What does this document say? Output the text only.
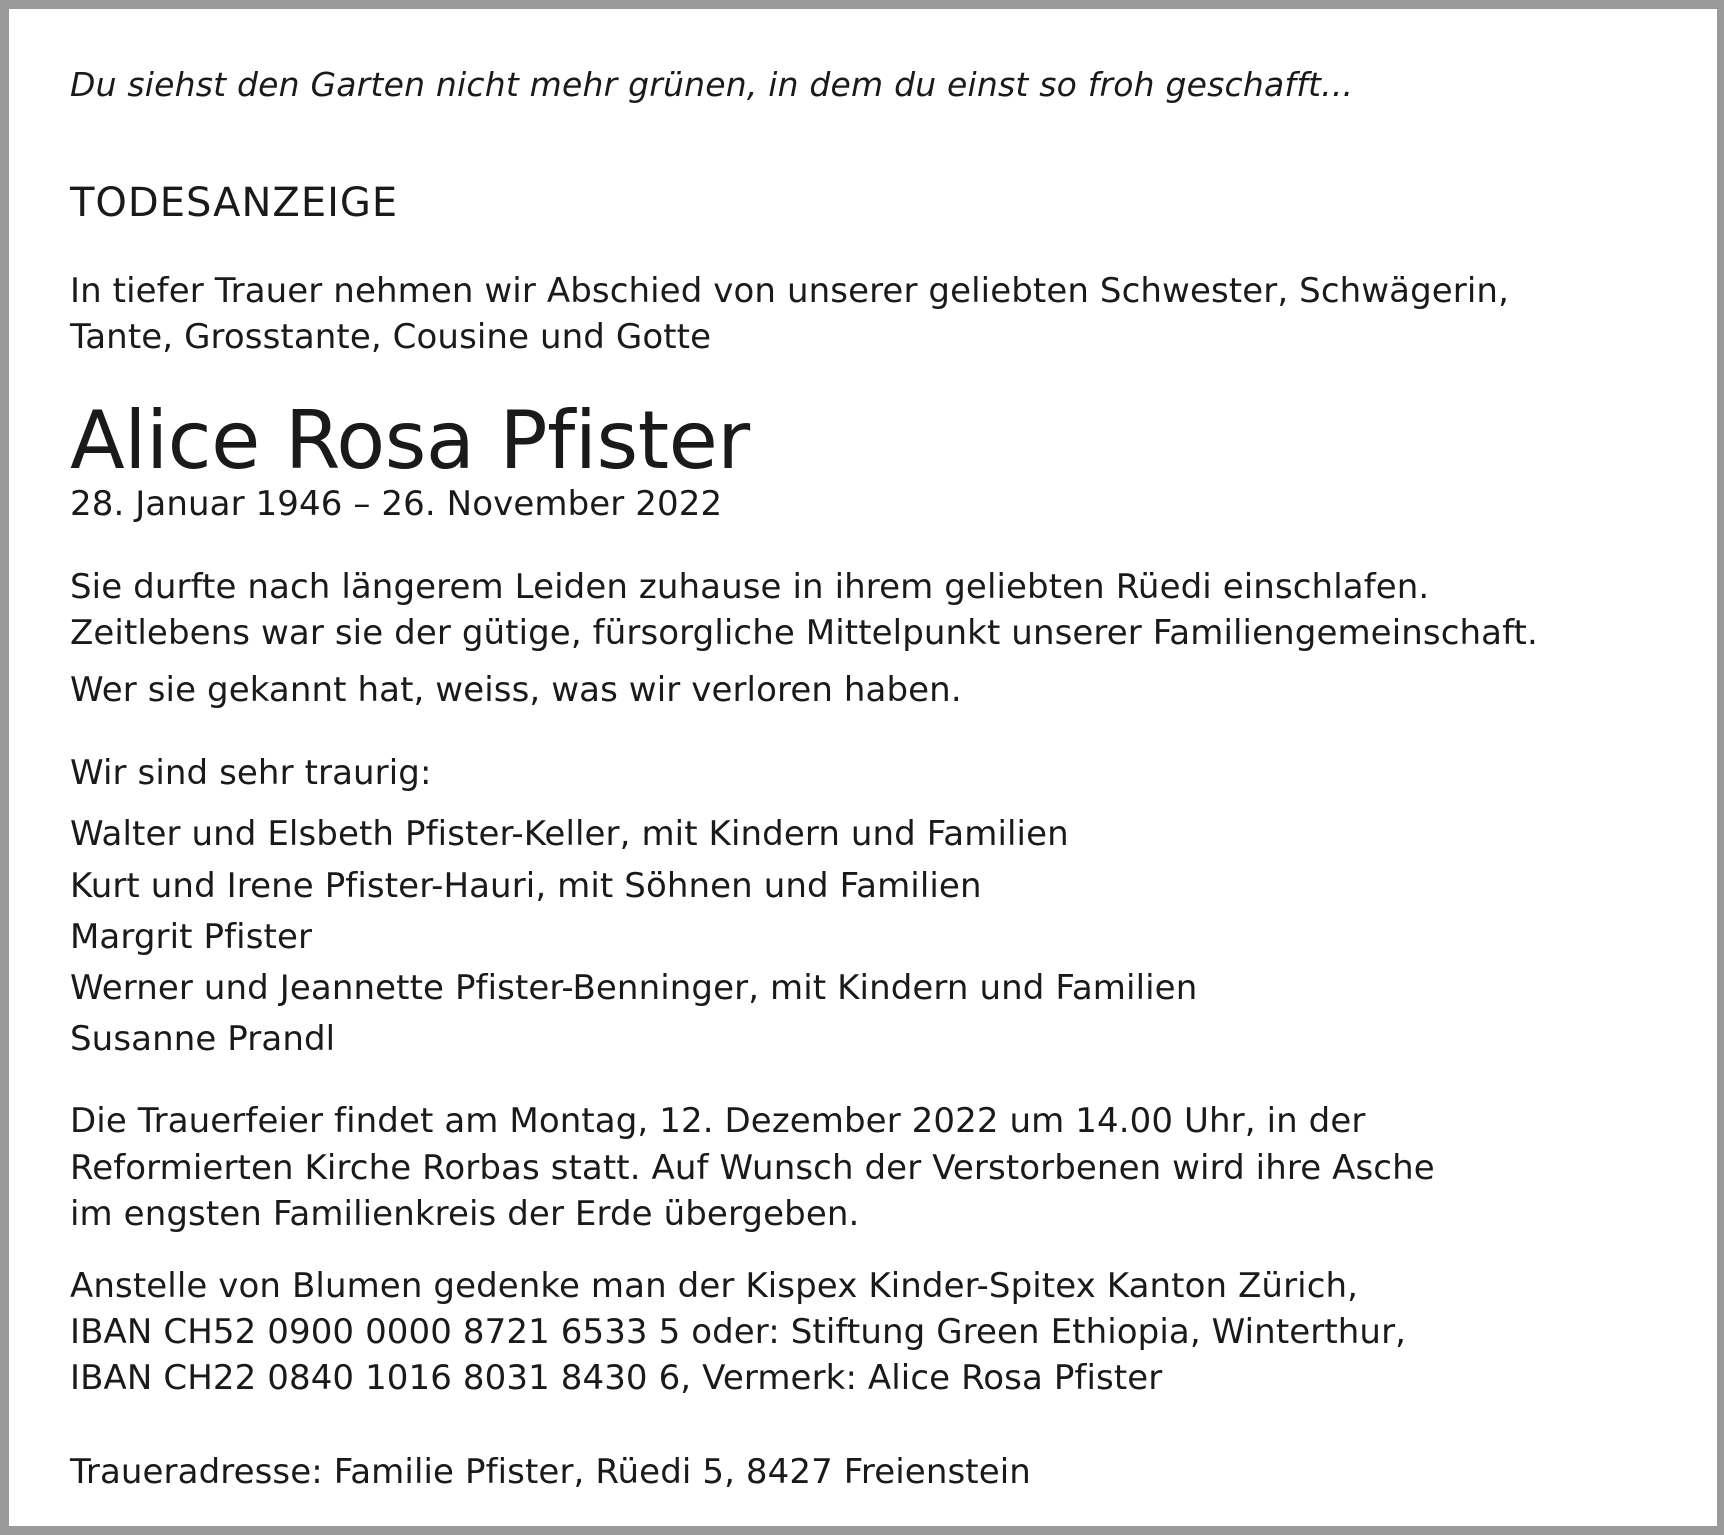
Du siehst den Garten nicht mehr grünen, in dem du einst so froh geschafft...

TODESANZEIGE

In tiefer Trauer nehmen wir Abschied von unserer geliebten Schwester, Schwägerin,

Tante, Grosstante, Cousine und Gotte

Alice Rosa Pfister

28. Januar 1946 – 26. November 2022

Sie durfte nach längerem Leiden zuhause in ihrem geliebten Rüedi einschlafen.

Zeitlebens war sie der gütige, fürsorgliche Mittelpunkt unserer Familiengemeinschaft.

Wer sie gekannt hat, weiss, was wir verloren haben.

Wir sind sehr traurig:

Walter und Elsbeth Pfister-Keller, mit Kindern und Familien

Kurt und Irene Pfister-Hauri, mit Söhnen und Familien

Margrit Pfister

Werner und Jeannette Pfister-Benninger, mit Kindern und Familien

Susanne Prandl

Die Trauerfeier findet am Montag, 12. Dezember 2022 um 14.00 Uhr, in der

Reformierten Kirche Rorbas statt. Auf Wunsch der Verstorbenen wird ihre Asche

im engsten Familienkreis der Erde übergeben.

Anstelle von Blumen gedenke man der Kispex Kinder-Spitex Kanton Zürich,

IBAN CH52 0900 0000 8721 6533 5 oder: Stiftung Green Ethiopia, Winterthur,

IBAN CH22 0840 1016 8031 8430 6, Vermerk: Alice Rosa Pfister

Traueradresse: Familie Pfister, Rüedi 5, 8427 Freienstein
